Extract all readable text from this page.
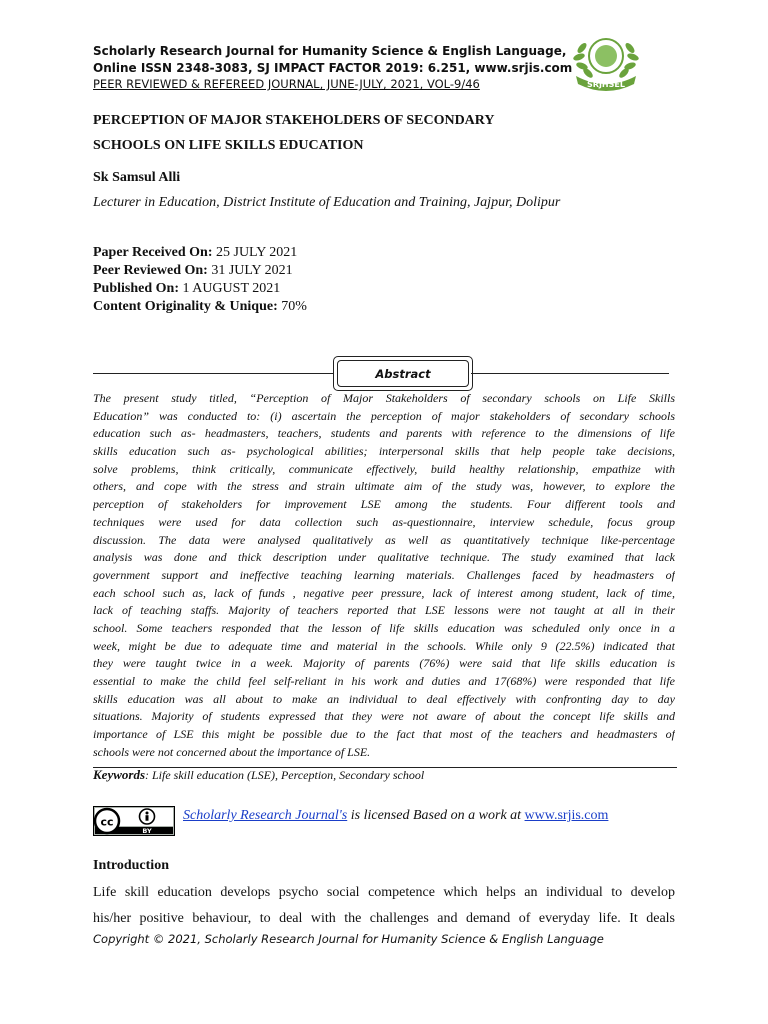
Scholarly Research Journal for Humanity Science & English Language,
Online ISSN 2348-3083, SJ IMPACT FACTOR 2019: 6.251, www.srjis.com
PEER REVIEWED & REFEREED JOURNAL, JUNE-JULY, 2021, VOL-9/46	SRJHSEL
PERCEPTION OF MAJOR STAKEHOLDERS OF SECONDARY
SCHOOLS ON LIFE SKILLS EDUCATION
Sk Samsul Alli
Lecturer in Education, District Institute of Education and Training, Jajpur, Dolipur
Paper Received On: 25 JULY 2021
Peer Reviewed On: 31 JULY 2021
Published On: 1 AUGUST 2021
Content Originality & Unique: 70%
Abstract
The present study titled, “Perception of Major Stakeholders of secondary schools on Life Skills
Education” was conducted to: (i) ascertain the perception of major stakeholders of secondary schools
education such as- headmasters, teachers, students and parents with reference to the dimensions of life
skills education such as- psychological abilities; interpersonal skills that help people take decisions,
solve problems, think critically, communicate effectively, build healthy relationship, empathize with
others, and cope with the stress and strain ultimate aim of the study was, however, to explore the
perception of stakeholders for improvement LSE among the students. Four different tools and
techniques were used for data collection such as-questionnaire, interview schedule, focus group
discussion. The data were analysed qualitatively as well as quantitatively technique like-percentage
analysis was done and thick description under qualitative technique. The study examined that lack
government support and ineffective teaching learning materials. Challenges faced by headmasters of
each school such as, lack of funds , negative peer pressure, lack of interest among student, lack of time,
lack of teaching staffs. Majority of teachers reported that LSE lessons were not taught at all in their
school. Some teachers responded that the lesson of life skills education was scheduled only once in a
week, might be due to adequate time and material in the schools. While only 9 (22.5%) indicated that
they were taught twice in a week. Majority of parents (76%) were said that life skills education is
essential to make the child feel self-reliant in his work and duties and 17(68%) were responded that life
skills education was all about to make an individual to deal effectively with confronting day to day
situations. Majority of students expressed that they were not aware of about the concept life skills and
importance of LSE this might be possible due to the fact that most of the teachers and headmasters of
schools were not concerned about the importance of LSE.
Keywords: Life skill education (LSE), Perception, Secondary school
cc
BY
Scholarly Research Journal's is licensed Based on a work at www.srjis.com
Introduction
Life skill education develops psycho social competence which helps an individual to develop
his/her positive behaviour, to deal with the challenges and demand of everyday life. It deals
Copyright © 2021, Scholarly Research Journal for Humanity Science & English Language
